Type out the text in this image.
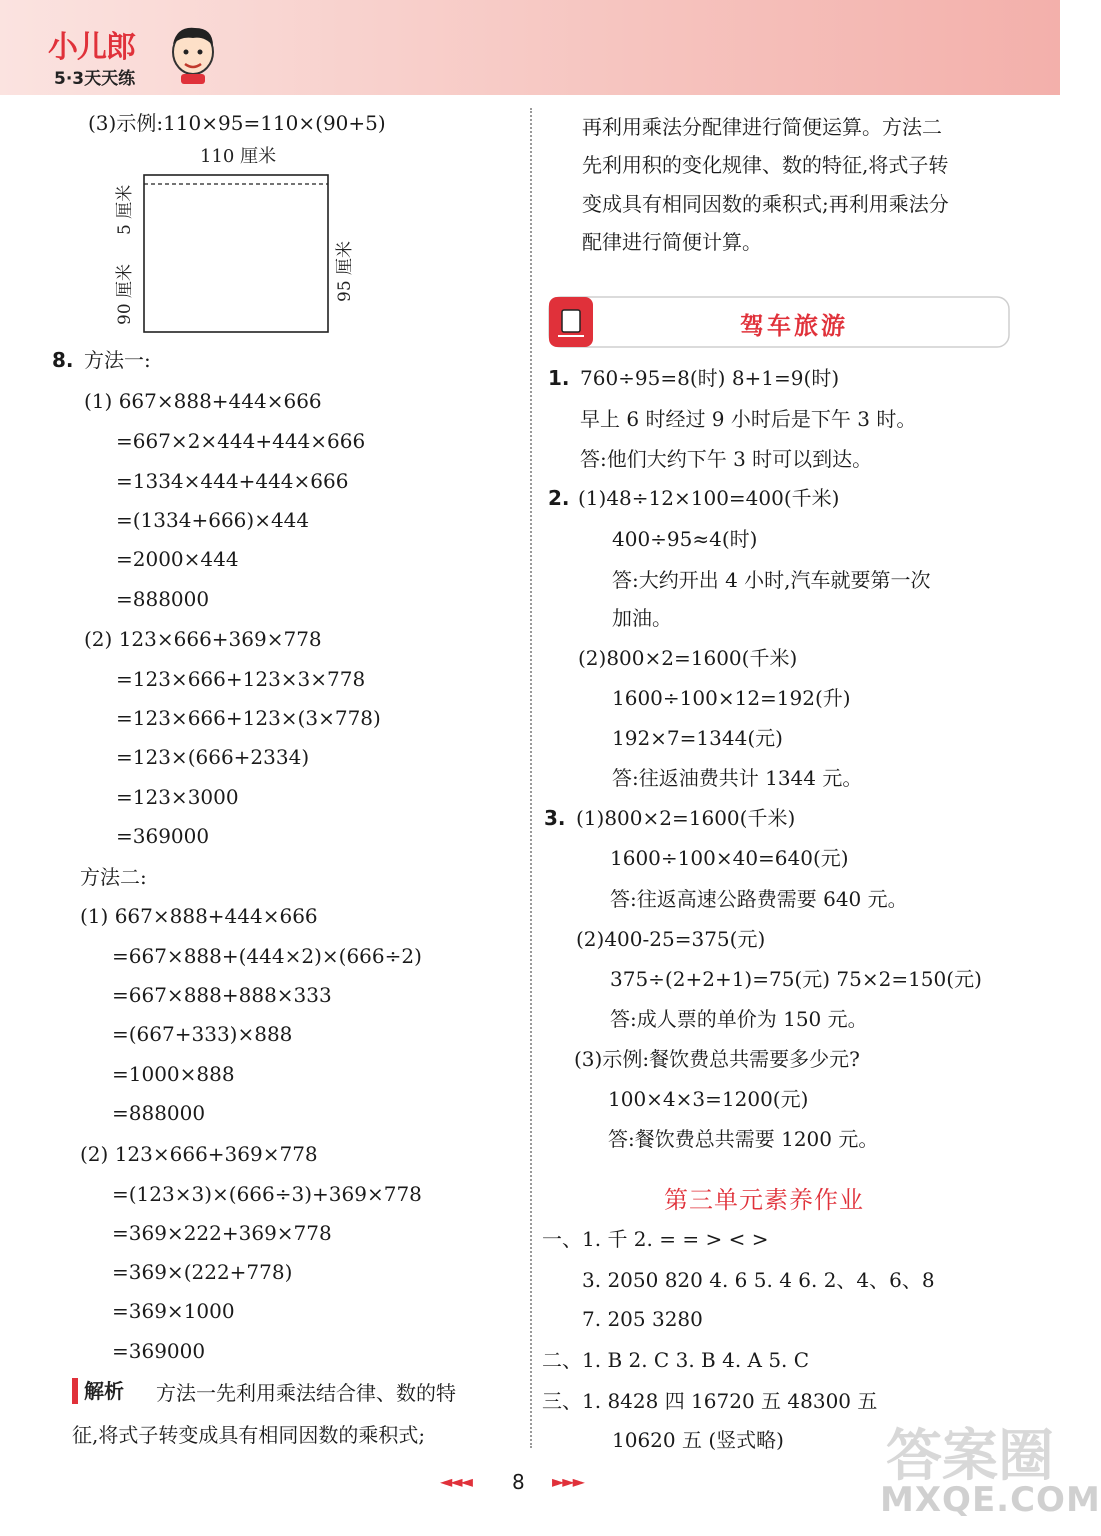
小儿郎
5·3天天练
(3)示例:110×95=110×(90+5)
110 厘米
5 厘米
90 厘米	95 厘米
8. 方法一:
(1) 667×888+444×666
=667×2×444+444×666
=1334×444+444×666
=(1334+666)×444
=2000×444
=888000
(2) 123×666+369×778
=123×666+123×3×778
=123×666+123×(3×778)
=123×(666+2334)
=123×3000
=369000
方法二:
(1) 667×888+444×666
=667×888+(444×2)×(666÷2)
=667×888+888×333
=(667+333)×888
=1000×888
=888000
(2) 123×666+369×778
=(123×3)×(666÷3)+369×778
=369×222+369×778
=369×(222+778)
=369×1000
=369000
解析 方法一先利用乘法结合律、数的特
征,将式子转变成具有相同因数的乘积式;
再利用乘法分配律进行简便运算。方法二
先利用积的变化规律、数的特征,将式子转
变成具有相同因数的乘积式;再利用乘法分
配律进行简便计算。
驾车旅游
1. 760÷95=8(时) 8+1=9(时)
早上 6 时经过 9 小时后是下午 3 时。
答:他们大约下午 3 时可以到达。
2. (1)48÷12×100=400(千米)
400÷95≈4(时)
答:大约开出 4 小时,汽车就要第一次
加油。
(2)800×2=1600(千米)
1600÷100×12=192(升)
192×7=1344(元)
答:往返油费共计 1344 元。
3. (1)800×2=1600(千米)
1600÷100×40=640(元)
答:往返高速公路费需要 640 元。
(2)400-25=375(元)
375÷(2+2+1)=75(元) 75×2=150(元)
答:成人票的单价为 150 元。
(3)示例:餐饮费总共需要多少元?
100×4×3=1200(元)
答:餐饮费总共需要 1200 元。
第三单元素养作业
一、 1. 千 2. = = > < >
3. 2050 820 4. 6 5. 4 6. 2、4、6、8
7. 205 3280
二、 1. B 2. C 3. B 4. A 5. C
三、 1. 8428 四 16720 五 48300 五
10620 五 (竖式略)
◄◄◄ 8 ►►►	答案圈
MXQE.COM
